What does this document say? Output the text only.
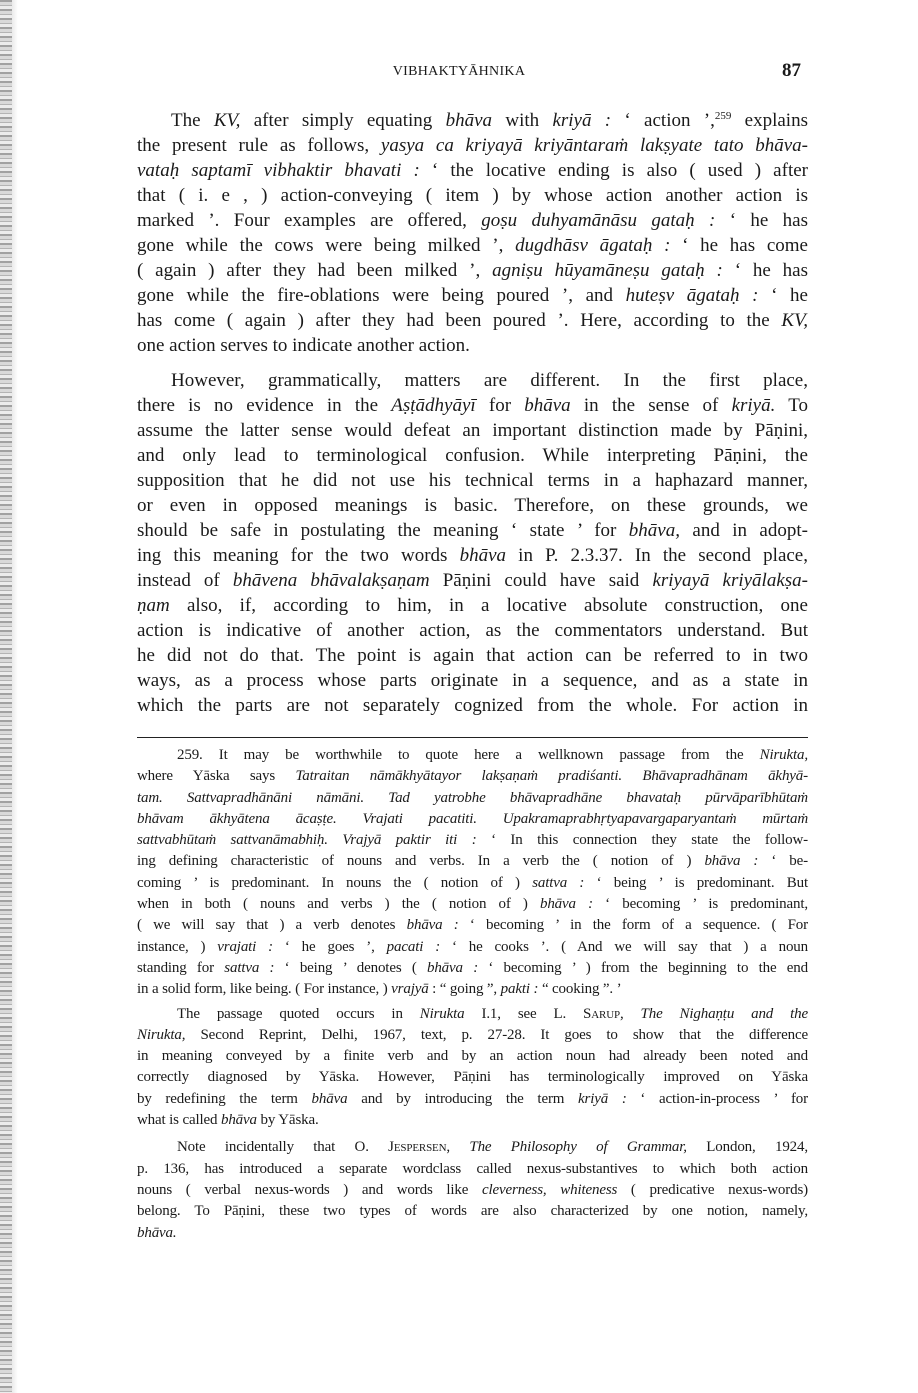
VIBHAKTYĀHNIKA	87
The KV, after simply equating bhāva with kriyā : ‘ action ’,$^{259}$ explains
the present rule as follows, yasya ca kriyayā kriyāntaraṁ lakṣyate tato bhāva-
vataḥ saptamī vibhaktir bhavati : ‘ the locative ending is also ( used ) after
that ( i. e , ) action-conveying ( item ) by whose action another action is
marked ’. Four examples are offered, goṣu duhyamānāsu gataḥ : ‘ he has
gone while the cows were being milked ’, dugdhāsv āgataḥ : ‘ he has come
( again ) after they had been milked ’, agniṣu hūyamāneṣu gataḥ : ‘ he has
gone while the fire-oblations were being poured ’, and huteṣv āgataḥ : ‘ he
has come ( again ) after they had been poured ’. Here, according to the KV,
one action serves to indicate another action.
However, grammatically, matters are different. In the first place,
there is no evidence in the Aṣṭādhyāyī for bhāva in the sense of kriyā. To
assume the latter sense would defeat an important distinction made by Pāṇini,
and only lead to terminological confusion. While interpreting Pāṇini, the
supposition that he did not use his technical terms in a haphazard manner,
or even in opposed meanings is basic. Therefore, on these grounds, we
should be safe in postulating the meaning ‘ state ’ for bhāva, and in adopt-
ing this meaning for the two words bhāva in P. 2.3.37. In the second place,
instead of bhāvena bhāvalakṣaṇam Pāṇini could have said kriyayā kriyālakṣa-
ṇam also, if, according to him, in a locative absolute construction, one
action is indicative of another action, as the commentators understand. But
he did not do that. The point is again that action can be referred to in two
ways, as a process whose parts originate in a sequence, and as a state in
which the parts are not separately cognized from the whole. For action in
259. It may be worthwhile to quote here a wellknown passage from the Nirukta,
where Yāska says Tatraitan nāmākhyātayor lakṣaṇaṁ pradiśanti. Bhāvapradhānam ākhyā-
tam. Sattvapradhānāni nāmāni. Tad yatrobhe bhāvapradhāne bhavataḥ pūrvāparībhūtaṁ
bhāvam ākhyātena ācaṣṭe. Vrajati pacatiti. Upakramaprabhṛtyapavargaparyantaṁ mūrtaṁ
sattvabhūtaṁ sattvanāmabhiḥ. Vrajyā paktir iti : ‘ In this connection they state the follow-
ing defining characteristic of nouns and verbs. In a verb the ( notion of ) bhāva : ‘ be-
coming ’ is predominant. In nouns the ( notion of ) sattva : ‘ being ’ is predominant. But
when in both ( nouns and verbs ) the ( notion of ) bhāva : ‘ becoming ’ is predominant,
( we will say that ) a verb denotes bhāva : ‘ becoming ’ in the form of a sequence. ( For
instance, ) vrajati : ‘ he goes ’, pacati : ‘ he cooks ’. ( And we will say that ) a noun
standing for sattva : ‘ being ’ denotes ( bhāva : ‘ becoming ’ ) from the beginning to the end
in a solid form, like being. ( For instance, ) vrajyā : “ going ”, pakti : “ cooking ”. ’
The passage quoted occurs in Nirukta I.1, see L. Sarup, The Nighaṇṭu and the
Nirukta, Second Reprint, Delhi, 1967, text, p. 27-28. It goes to show that the difference
in meaning conveyed by a finite verb and by an action noun had already been noted and
correctly diagnosed by Yāska. However, Pāṇini has terminologically improved on Yāska
by redefining the term bhāva and by introducing the term kriyā : ‘ action-in-process ’ for
what is called bhāva by Yāska.
Note incidentally that O. Jespersen, The Philosophy of Grammar, London, 1924,
p. 136, has introduced a separate wordclass called nexus-substantives to which both action
nouns ( verbal nexus-words ) and words like cleverness, whiteness ( predicative nexus-words)
belong. To Pāṇini, these two types of words are also characterized by one notion, namely,
bhāva.
